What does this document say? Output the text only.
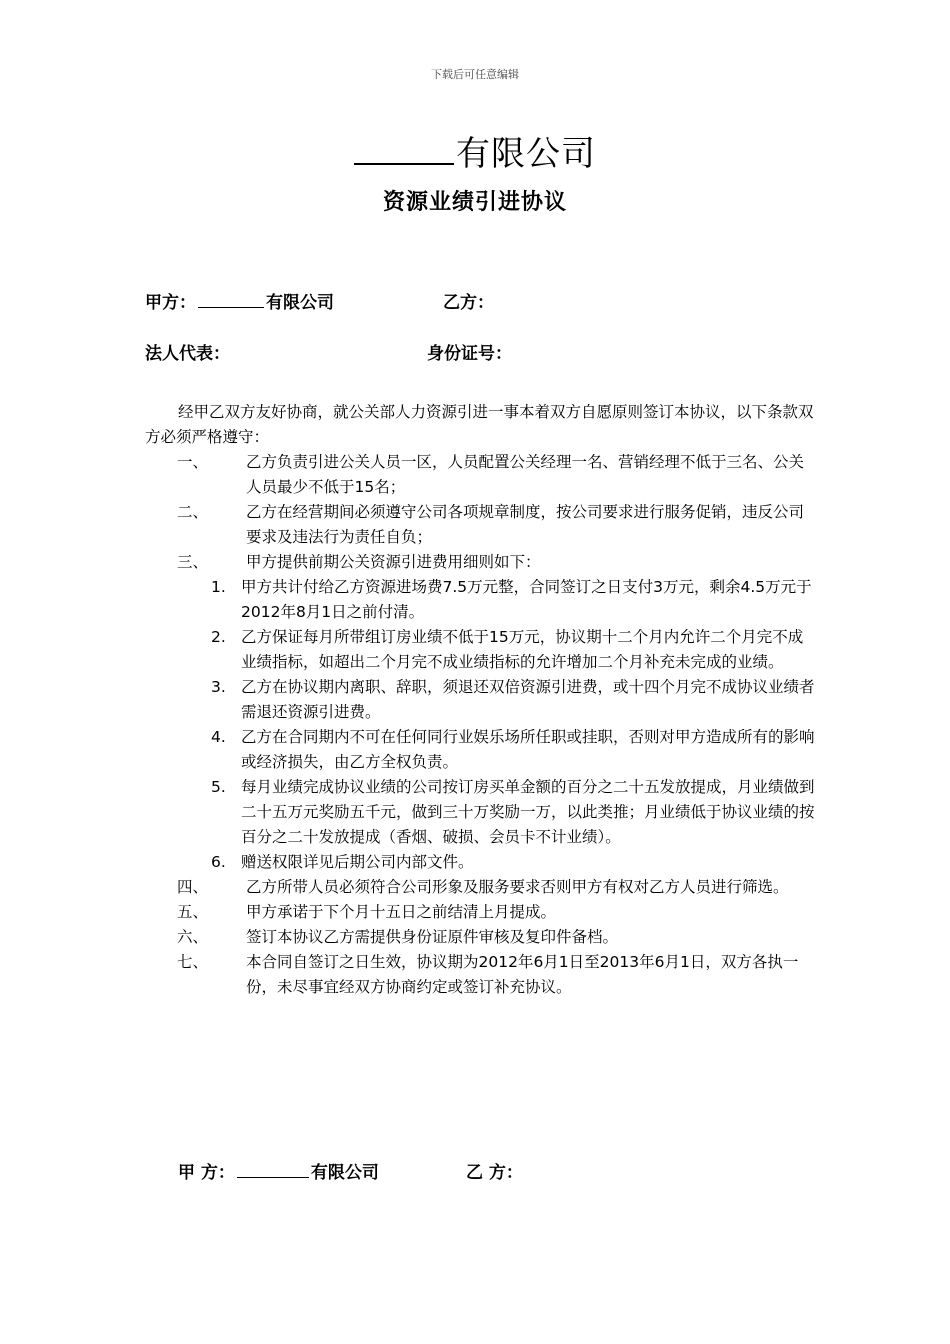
下载后可任意编辑
有限公司
资源业绩引进协议
甲方：	有限公司	乙方：
法人代表：	身份证号：

经甲乙双方友好协商，就公关部人力资源引进一事本着双方自愿原则签订本协议，以下条款双方必须严格遵守：

一、 乙方负责引进公关人员一区，人员配置公关经理一名、营销经理不低于三名、公关人员最少不低于15名；
二、 乙方在经营期间必须遵守公司各项规章制度，按公司要求进行服务促销，违反公司要求及违法行为责任自负；
三、 甲方提供前期公关资源引进费用细则如下：
1. 甲方共计付给乙方资源进场费7.5万元整，合同签订之日支付3万元，剩余4.5万元于2012年8月1日之前付清。
2. 乙方保证每月所带组订房业绩不低于15万元，协议期十二个月内允许二个月完不成业绩指标，如超出二个月完不成业绩指标的允许增加二个月补充未完成的业绩。
3. 乙方在协议期内离职、辞职，须退还双倍资源引进费，或十四个月完不成协议业绩者需退还资源引进费。
4. 乙方在合同期内不可在任何同行业娱乐场所任职或挂职，否则对甲方造成所有的影响或经济损失，由乙方全权负责。
5. 每月业绩完成协议业绩的公司按订房买单金额的百分之二十五发放提成，月业绩做到二十五万元奖励五千元，做到三十万奖励一万，以此类推；月业绩低于协议业绩的按百分之二十发放提成（香烟、破损、会员卡不计业绩）。
6. 赠送权限详见后期公司内部文件。
四、 乙方所带人员必须符合公司形象及服务要求否则甲方有权对乙方人员进行筛选。
五、 甲方承诺于下个月十五日之前结清上月提成。
六、 签订本协议乙方需提供身份证原件审核及复印件备档。
七、 本合同自签订之日生效，协议期为2012年6月1日至2013年6月1日，双方各执一份，未尽事宜经双方协商约定或签订补充协议。
甲 方：	有限公司	乙 方：
